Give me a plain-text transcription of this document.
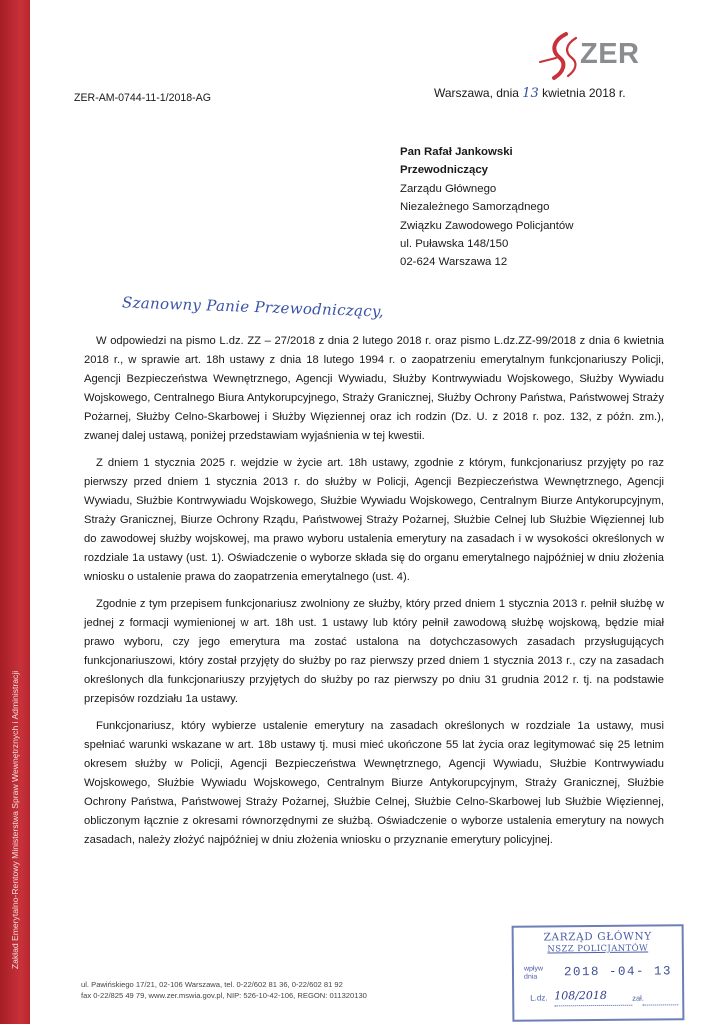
Zakład Emerytalno-Rentowy Ministerstwa Spraw Wewnętrznych i Administracji
ZER
ZER-AM-0744-11-1/2018-AG	Warszawa, dnia 13 kwietnia 2018 r.
Pan Rafał Jankowski
Przewodniczący
Zarządu Głównego
Niezależnego Samorządnego
Związku Zawodowego Policjantów
ul. Puławska 148/150
02-624 Warszawa 12
Szanowny Panie Przewodniczący,

W odpowiedzi na pismo L.dz. ZZ – 27/2018 z dnia 2 lutego 2018 r. oraz pismo L.dz.ZZ-99/2018 z dnia 6 kwietnia 2018 r., w sprawie art. 18h ustawy z dnia 18 lutego 1994 r. o zaopatrzeniu emerytalnym funkcjonariuszy Policji, Agencji Bezpieczeństwa Wewnętrznego, Agencji Wywiadu, Służby Kontrwywiadu Wojskowego, Służby Wywiadu Wojskowego, Centralnego Biura Antykorupcyjnego, Straży Granicznej, Służby Ochrony Państwa, Państwowej Straży Pożarnej, Służby Celno-Skarbowej i Służby Więziennej oraz ich rodzin (Dz. U. z 2018 r. poz. 132, z późn. zm.), zwanej dalej ustawą, poniżej przedstawiam wyjaśnienia w tej kwestii.

Z dniem 1 stycznia 2025 r. wejdzie w życie art. 18h ustawy, zgodnie z którym, funkcjonariusz przyjęty po raz pierwszy przed dniem 1 stycznia 2013 r. do służby w Policji, Agencji Bezpieczeństwa Wewnętrznego, Agencji Wywiadu, Służbie Kontrwywiadu Wojskowego, Służbie Wywiadu Wojskowego, Centralnym Biurze Antykorupcyjnym, Straży Granicznej, Biurze Ochrony Rządu, Państwowej Straży Pożarnej, Służbie Celnej lub Służbie Więziennej lub do zawodowej służby wojskowej, ma prawo wyboru ustalenia emerytury na zasadach i w wysokości określonych w rozdziale 1a ustawy (ust. 1). Oświadczenie o wyborze składa się do organu emerytalnego najpóźniej w dniu złożenia wniosku o ustalenie prawa do zaopatrzenia emerytalnego (ust. 4).

Zgodnie z tym przepisem funkcjonariusz zwolniony ze służby, który przed dniem 1 stycznia 2013 r. pełnił służbę w jednej z formacji wymienionej w art. 18h ust. 1 ustawy lub który pełnił zawodową służbę wojskową, będzie miał prawo wyboru, czy jego emerytura ma zostać ustalona na dotychczasowych zasadach przysługujących funkcjonariuszowi, który został przyjęty do służby po raz pierwszy przed dniem 1 stycznia 2013 r., czy na zasadach określonych dla funkcjonariuszy przyjętych do służby po raz pierwszy po dniu 31 grudnia 2012 r. tj. na podstawie przepisów rozdziału 1a ustawy.

Funkcjonariusz, który wybierze ustalenie emerytury na zasadach określonych w rozdziale 1a ustawy, musi spełniać warunki wskazane w art. 18b ustawy tj. musi mieć ukończone 55 lat życia oraz legitymować się 25 letnim okresem służby w Policji, Agencji Bezpieczeństwa Wewnętrznego, Agencji Wywiadu, Służbie Kontrwywiadu Wojskowego, Służbie Wywiadu Wojskowego, Centralnym Biurze Antykorupcyjnym, Straży Granicznej, Służbie Ochrony Państwa, Państwowej Straży Pożarnej, Służbie Celnej, Służbie Celno-Skarbowej lub Służbie Więziennej, obliczonym łącznie z okresami równorzędnymi ze służbą. Oświadczenie o wyborze ustalenia emerytury na nowych zasadach, należy złożyć najpóźniej w dniu złożenia wniosku o przyznanie emerytury policyjnej.

ul. Pawińskiego 17/21, 02-106 Warszawa, tel. 0-22/602 81 36, 0-22/602 81 92
fax 0-22/825 49 79, www.zer.mswia.gov.pl, NIP: 526-10-42-106, REGON: 011320130
ZARZĄD GŁÓWNY
NSZZ POLICJANTÓW
wpływ
dnia	2018 -04- 13
L.dz. 108/2018	zał.
